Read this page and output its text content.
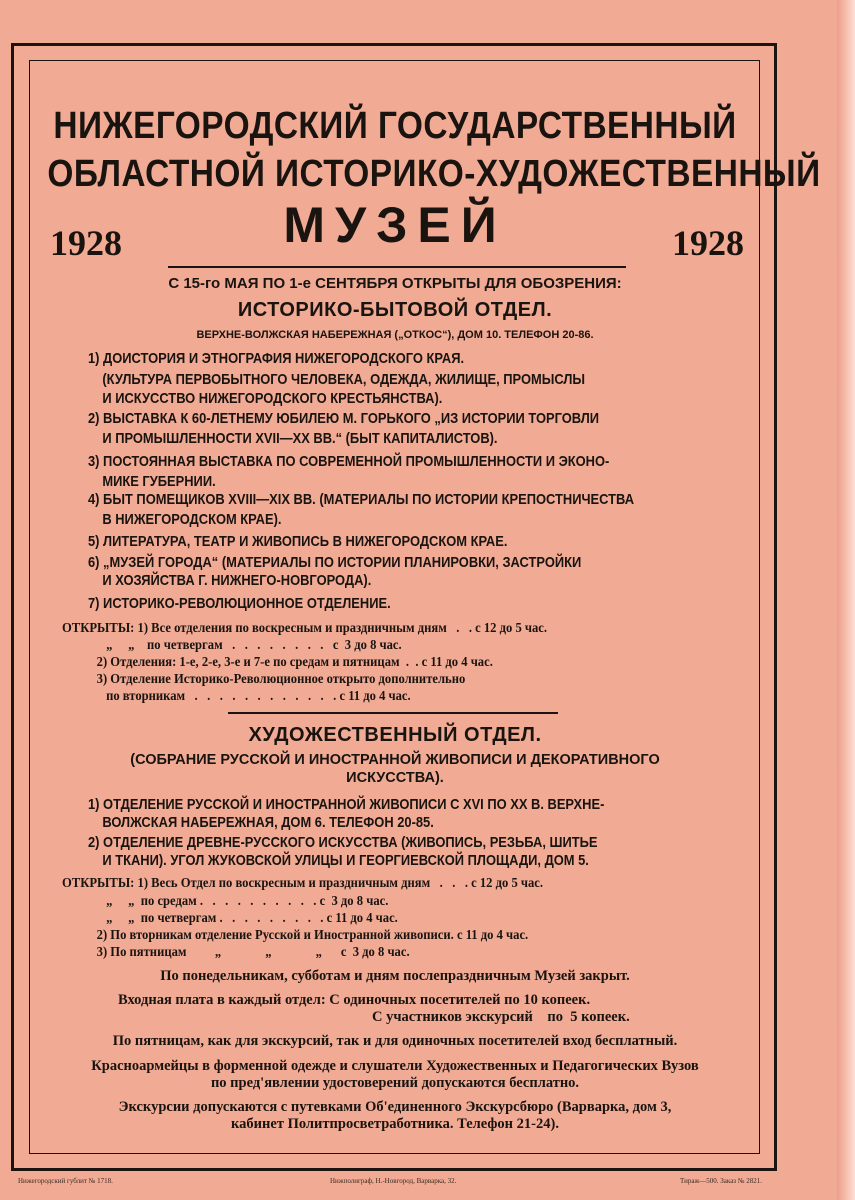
НИЖЕГОРОДСКИЙ ГОСУДАРСТВЕННЫЙ
ОБЛАСТНОЙ ИСТОРИКО-ХУДОЖЕСТВЕННЫЙ
МУЗЕЙ
1928	1928
С 15-го МАЯ ПО 1-е СЕНТЯБРЯ ОТКРЫТЫ ДЛЯ ОБОЗРЕНИЯ:
ИСТОРИКО-БЫТОВОЙ ОТДЕЛ.
ВЕРХНЕ-ВОЛЖСКАЯ НАБЕРЕЖНАЯ („ОТКОС“), ДОМ 10. ТЕЛЕФОН 20-86.
1) ДОИСТОРИЯ И ЭТНОГРАФИЯ НИЖЕГОРОДСКОГО КРАЯ.
(КУЛЬТУРА ПЕРВОБЫТНОГО ЧЕЛОВЕКА, ОДЕЖДА, ЖИЛИЩЕ, ПРОМЫСЛЫ
И ИСКУССТВО НИЖЕГОРОДСКОГО КРЕСТЬЯНСТВА).
2) ВЫСТАВКА К 60-ЛЕТНЕМУ ЮБИЛЕЮ М. ГОРЬКОГО „ИЗ ИСТОРИИ ТОРГОВЛИ
И ПРОМЫШЛЕННОСТИ XVII—XX ВВ.“ (БЫТ КАПИТАЛИСТОВ).
3) ПОСТОЯННАЯ ВЫСТАВКА ПО СОВРЕМЕННОЙ ПРОМЫШЛЕННОСТИ И ЭКОНО-
МИКЕ ГУБЕРНИИ.
4) БЫТ ПОМЕЩИКОВ XVIII—XIX ВВ. (МАТЕРИАЛЫ ПО ИСТОРИИ КРЕПОСТНИЧЕСТВА
В НИЖЕГОРОДСКОМ КРАЕ).
5) ЛИТЕРАТУРА, ТЕАТР И ЖИВОПИСЬ В НИЖЕГОРОДСКОМ КРАЕ.
6) „МУЗЕЙ ГОРОДА“ (МАТЕРИАЛЫ ПО ИСТОРИИ ПЛАНИРОВКИ, ЗАСТРОЙКИ
И ХОЗЯЙСТВА Г. НИЖНЕГО-НОВГОРОДА).
7) ИСТОРИКО-РЕВОЛЮЦИОННОЕ ОТДЕЛЕНИЕ.
ОТКРЫТЫ: 1) Все отделения по воскресным и праздничным дням   .   . с 12 до 5 час.
„     „    по четвергам   .   .   .   .   .   .   .   .   с  3 до 8 час.
2) Отделения: 1-е, 2-е, 3-е и 7-е по средам и пятницам  .  . с 11 до 4 час.
3) Отделение Историко-Революционное открыто дополнительно
по вторникам   .   .   .   .   .   .   .   .   .   .   .   . с 11 до 4 час.
ХУДОЖЕСТВЕННЫЙ ОТДЕЛ.
(СОБРАНИЕ РУССКОЙ И ИНОСТРАННОЙ ЖИВОПИСИ И ДЕКОРАТИВНОГО
ИСКУССТВА).
1) ОТДЕЛЕНИЕ РУССКОЙ И ИНОСТРАННОЙ ЖИВОПИСИ С XVI ПО XX В. ВЕРХНЕ-
ВОЛЖСКАЯ НАБЕРЕЖНАЯ, ДОМ 6. ТЕЛЕФОН 20-85.
2) ОТДЕЛЕНИЕ ДРЕВНЕ-РУССКОГО ИСКУССТВА (ЖИВОПИСЬ, РЕЗЬБА, ШИТЬЕ
И ТКАНИ). УГОЛ ЖУКОВСКОЙ УЛИЦЫ И ГЕОРГИЕВСКОЙ ПЛОЩАДИ, ДОМ 5.
ОТКРЫТЫ: 1) Весь Отдел по воскресным и праздничным дням   .   .   . с 12 до 5 час.
„     „  по средам .   .   .   .   .   .   .   .   .   . с  3 до 8 час.
„     „  по четвергам .   .   .   .   .   .   .   .   . с 11 до 4 час.
2) По вторникам отделение Русской и Иностранной живописи. с 11 до 4 час.
3) По пятницам         „              „              „      с  3 до 8 час.
По понедельникам, субботам и дням послепраздничным Музей закрыт.
Входная плата в каждый отдел: С одиночных посетителей по 10 копеек.
С участников экскурсий    по  5 копеек.
По пятницам, как для экскурсий, так и для одиночных посетителей вход бесплатный.
Красноармейцы в форменной одежде и слушатели Художественных и Педагогических Вузов
по пред'явлении удостоверений допускаются бесплатно.
Экскурсии допускаются с путевками Об'единенного Экскурсбюро (Варварка, дом 3,
кабинет Политпросветработника. Телефон 21-24).
Нижегородский гублит № 1718.	Нижполиграф, Н.-Новгород, Варварка, 32.	Тираж—500. Заказ № 2821.
